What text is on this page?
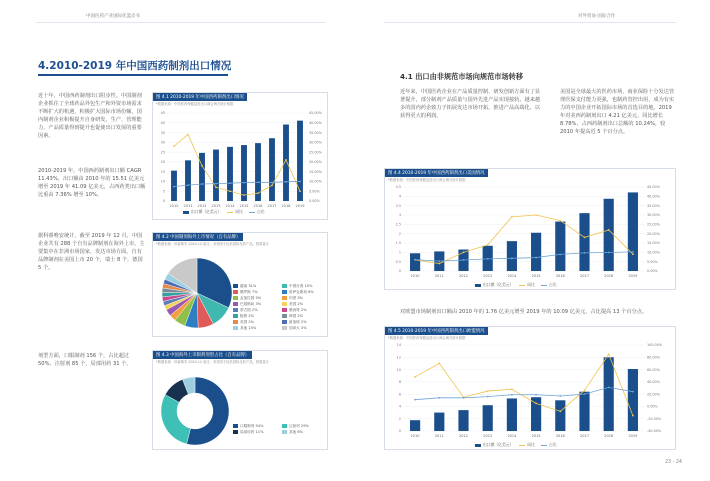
中国医药产业国际化蓝皮书	对外贸易·国际合作
4.2010-2019 年中国西药制剂出口情况
近十年，中国西药制剂出口阻步性。中国制剂企业抓住了全球药品外包生产和外资市场需求不断扩大的机遇，积极扩大国际市场份额，国内制剂企业积极提升自身研发、生产、管理能力，产品质量得到提升也促使出口发展的重要因素。
2010-2019 年，中国西药制剂出口额 CAGR 11.43%，出口额由 2010 年的 15.51 亿美元增至 2019 年 41.09 亿美元，占西药类出口额比重由 7.36% 增至 10%。
据科睿唯安统计，截至 2019 年 12 月，中国企业共有 288 个自有品牌制剂在海外上市。主要集中在非洲市场国家、发达市场方面，自有品牌制剂在美国上市 20 个，瑞士 8 个，德国 5 个。
剂型方面，口服制剂 156 个，占比超过 50%，注射剂 85 个，局部用药 31 个。
图 4.1 2010-2019 年中国西药制剂出口情况
*数据来源：中国医药保健品进出口商会海关统计数据
0
5
10
15
20
25
30
35
40
45
0.00%
5.00%
10.00%
15.00%
20.00%
25.00%
30.00%
35.00%
40.00%
45.00%
2010 2011 2012 2013 2014 2015 2016 2017 2018 2019
出口额（亿美元）	同比	占比
图 4.2 中国制剂海外上市情况（自有品牌）
*数据来源：科睿唯安 2019.12 备注：非美国不包括国际化药产品，按数量计
越南 31%	中国台湾 10%
俄罗斯 7%	哈萨克斯坦 6%
孟加拉国 5%	印度 3%
巴基斯坦 3%	美国 2%
蒙古国 2%	墨西哥 2%
秘鲁 2%	韩国 2%
英国 2%	新加坡 2%
其他 15%	加拿大 3%
图 4.3 中国海外上市制剂剂型占比（自有品牌）
*数据来源：科睿唯安 2019.12 备注：非美国不包括国际化药产品，按数量计
口服制剂 54%	注射剂 29%
局部用药 11%	其他 6%
4.1 出口由非规范市场向规范市场转移
近年来，中国医药企业在产品质量控制、研发创新方面有了显著提升，部分制剂产品质量与国外先进产品实现接轨，越来越多的国内药企致力于拓展发达市场开拓，推进产品高端化、以获得更大的利润。
美国是全球最大的医药市场，商业保险十分发达管理医保支付能力更强，也制药管控出用，成为有实力的中国企业开拓国际市场的首选目的地。2019 年对美西药制剂出口 4.21 亿美元，同比增长 8.78%，占西药制剂出口总额的 10.24%，较 2010 年提高近 5 个百分点。
图 4.4 2010-2019 年中国西药制剂出口美国情况
*数据来源：中国医药保健品进出口商会海关统计数据
0
0.5
1
1.5
2
2.5
3
3.5
4
4.5
0.00%
5.00%
10.00%
15.00%
20.00%
25.00%
30.00%
35.00%
40.00%
45.00%
2010	2011	2012	2013	2014	2015	2016	2017	2018	2019
出口额（亿美元）	同比	占比
对欧盟市场制剂出口额由 2010 年的 1.76 亿美元增至 2019 年的 10.09 亿美元，占比提高 13 个百分点。
图 4.5 2010-2019 年中国西药制剂出口欧盟情况
*数据来源：中国医药保健品进出口商会海关统计数据
0
2
4
6
8
10
12
14
-40.00%
-20.00%
0.00%
20.00%
40.00%
60.00%
80.00%
100.00%
2010	2011	2012	2013	2014	2015	2016	2017	2018	2019
出口额（亿美元）	同比	占比
23 - 24
